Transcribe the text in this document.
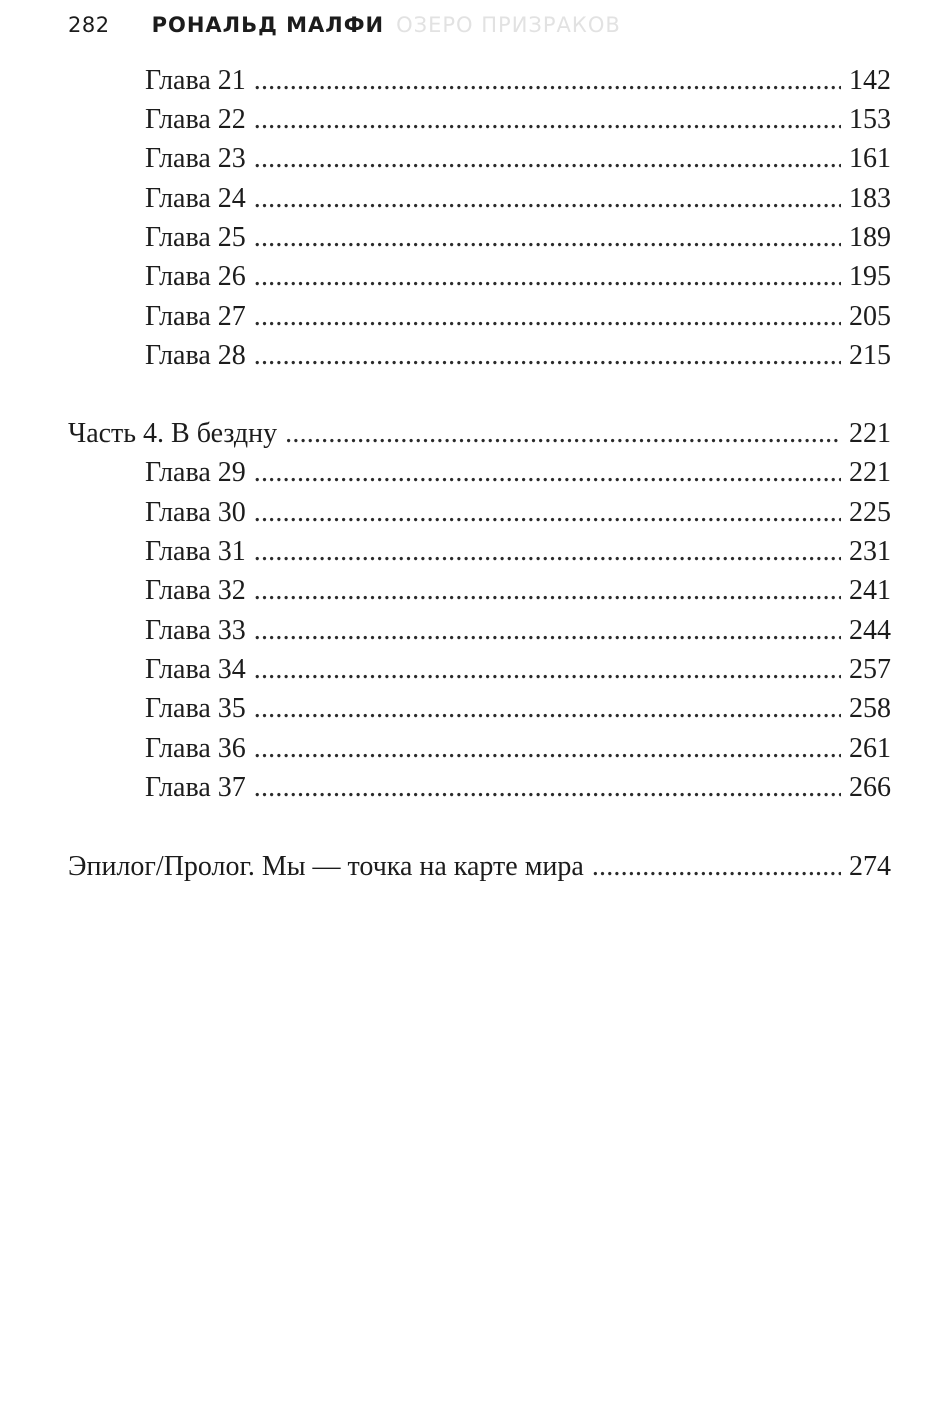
282 РОНАЛЬД МАЛФИ ОЗЕРО ПРИЗРАКОВ
Глава 21 . . .	142
Глава 22 . . .	153
Глава 23 . . .	161
Глава 24 . . .	183
Глава 25 . . .	189
Глава 26 . . .	195
Глава 27 . . .	205
Глава 28 . . .	215
Часть 4. В бездну . . .	221
Глава 29 . . .	221
Глава 30 . . .	225
Глава 31 . . .	231
Глава 32 . . .	241
Глава 33 . . .	244
Глава 34 . . .	257
Глава 35 . . .	258
Глава 36 . . .	261
Глава 37 . . .	266
Эпилог/Пролог. Мы — точка на карте мира . . .	274
